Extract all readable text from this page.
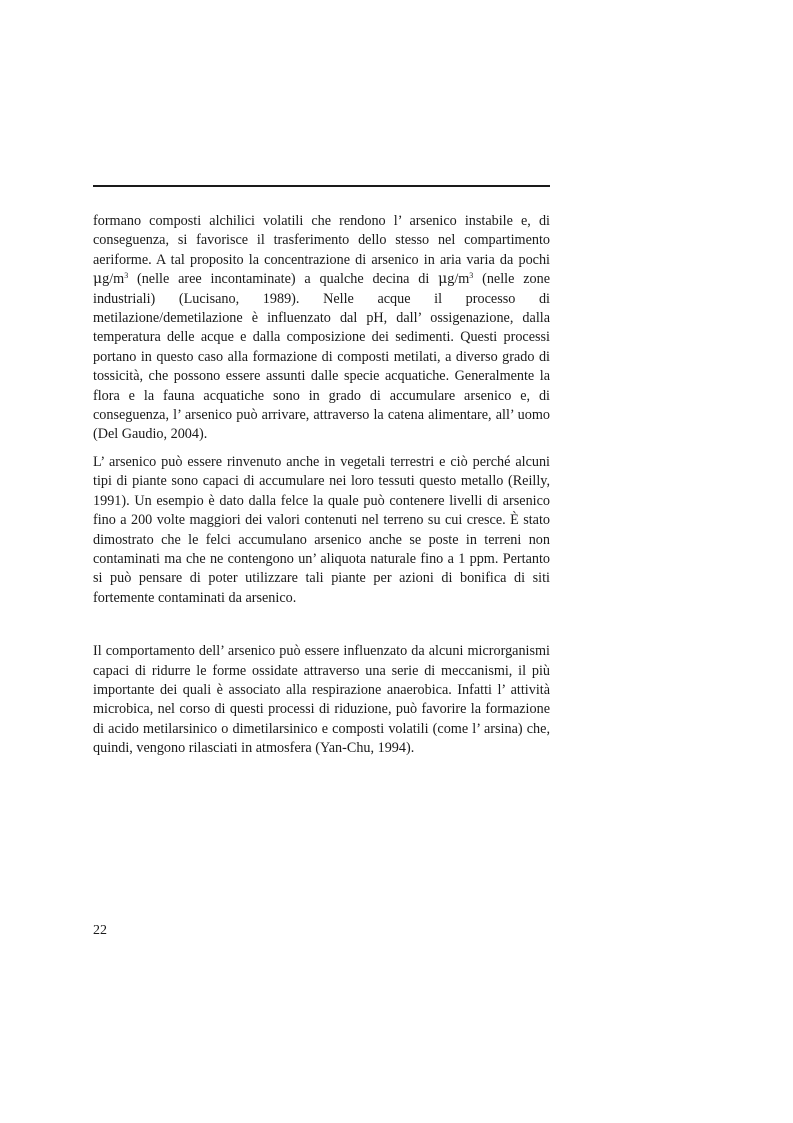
formano composti alchilici volatili che rendono l’ arsenico instabile e, di conseguenza, si favorisce il trasferimento dello stesso nel compartimento aeriforme. A tal proposito la concentrazione di arsenico in aria varia da pochi $\mu g/m^3$ (nelle aree incontaminate) a qualche decina di $\mu g/m^3$ (nelle zone industriali) (Lucisano, 1989). Nelle acque il processo di metilazione/demetilazione è influenzato dal pH, dall’ ossigenazione, dalla temperatura delle acque e dalla composizione dei sedimenti. Questi processi portano in questo caso alla formazione di composti metilati, a diverso grado di tossicità, che possono essere assunti dalle specie acquatiche. Generalmente la flora e la fauna acquatiche sono in grado di accumulare arsenico e, di conseguenza, l’ arsenico può arrivare, attraverso la catena alimentare, all’ uomo (Del Gaudio, 2004).

L’ arsenico può essere rinvenuto anche in vegetali terrestri e ciò perché alcuni tipi di piante sono capaci di accumulare nei loro tessuti questo metallo (Reilly, 1991). Un esempio è dato dalla felce la quale può contenere livelli di arsenico fino a 200 volte maggiori dei valori contenuti nel terreno su cui cresce. È stato dimostrato che le felci accumulano arsenico anche se poste in terreni non contaminati ma che ne contengono un’ aliquota naturale fino a 1 ppm. Pertanto si può pensare di poter utilizzare tali piante per azioni di bonifica di siti fortemente contaminati da arsenico.

Il comportamento dell’ arsenico può essere influenzato da alcuni microrganismi capaci di ridurre le forme ossidate attraverso una serie di meccanismi, il più importante dei quali è associato alla respirazione anaerobica. Infatti l’ attività microbica, nel corso di questi processi di riduzione, può favorire la formazione di acido metilarsinico o dimetilarsinico e composti volatili (come l’ arsina) che, quindi, vengono rilasciati in atmosfera (Yan-Chu, 1994).

22
